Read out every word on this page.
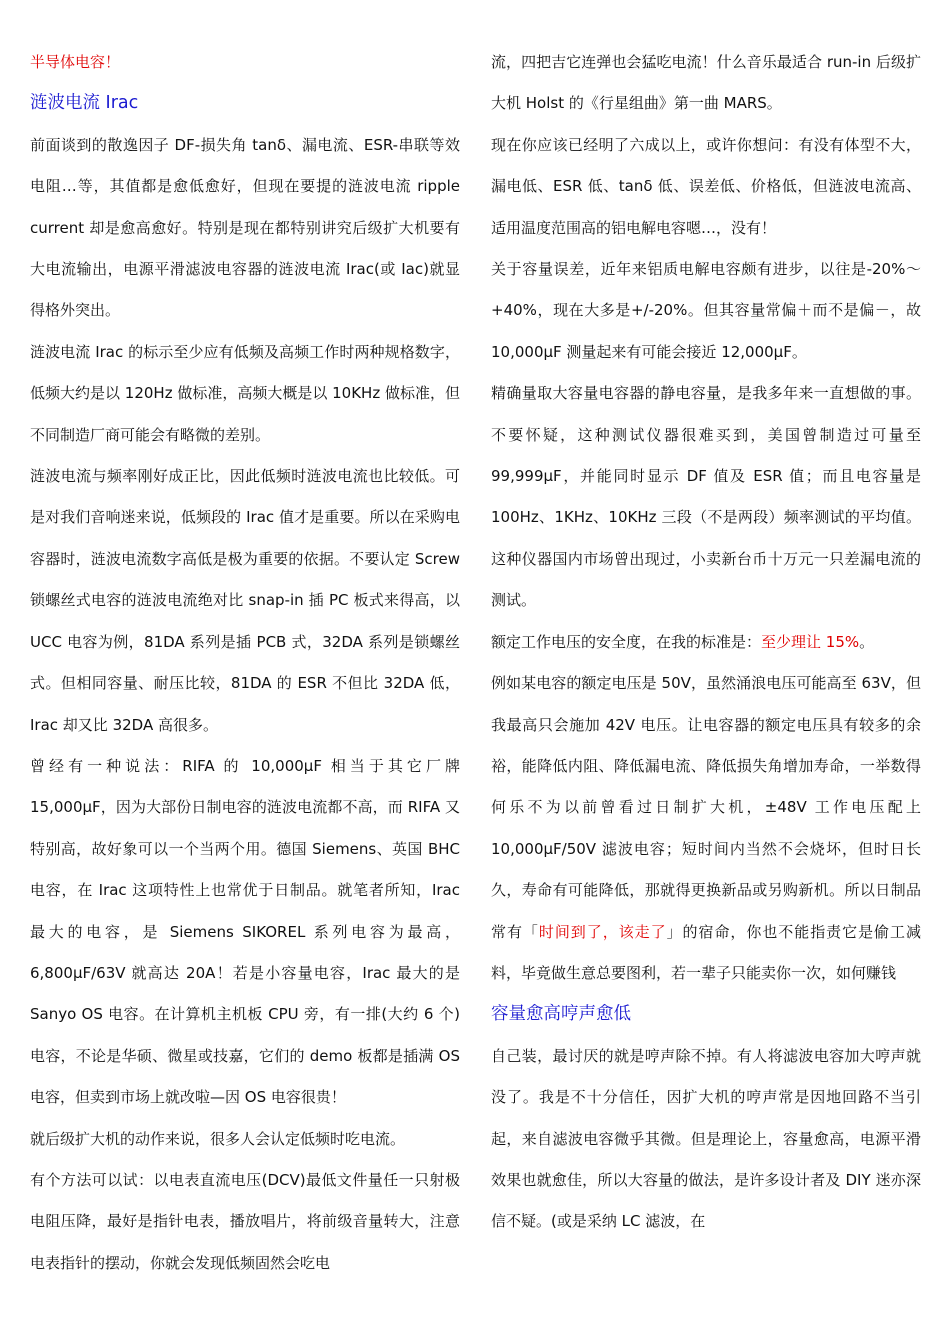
半导体电容！

涟波电流 Irac

前面谈到的散逸因子 DF-损失角 tanδ、漏电流、ESR-串联等效电阻…等，其值都是愈低愈好，但现在要提的涟波电流 ripple current 却是愈高愈好。特别是现在都特别讲究后级扩大机要有大电流输出，电源平滑滤波电容器的涟波电流 Irac(或 Iac)就显得格外突出。

涟波电流 Irac 的标示至少应有低频及高频工作时两种规格数字，低频大约是以 120Hz 做标准，高频大概是以 10KHz 做标准，但不同制造厂商可能会有略微的差别。

涟波电流与频率刚好成正比，因此低频时涟波电流也比较低。可是对我们音响迷来说，低频段的 Irac 值才是重要。所以在采购电容器时，涟波电流数字高低是极为重要的依据。不要认定 Screw 锁螺丝式电容的涟波电流绝对比 snap-in 插 PC 板式来得高，以 UCC 电容为例，81DA 系列是插 PCB 式，32DA 系列是锁螺丝式。但相同容量、耐压比较，81DA 的 ESR 不但比 32DA 低，Irac 却又比 32DA 高很多。

曾经有一种说法：RIFA 的 10,000μF 相当于其它厂牌 15,000μF，因为大部份日制电容的涟波电流都不高，而 RIFA 又特别高，故好象可以一个当两个用。德国 Siemens、英国 BHC 电容，在 Irac 这项特性上也常优于日制品。就笔者所知，Irac 最大的电容，是 Siemens SIKOREL 系列电容为最高，6,800μF/63V 就高达 20A！若是小容量电容，Irac 最大的是 Sanyo OS 电容。在计算机主机板 CPU 旁，有一排(大约 6 个)电容，不论是华硕、微星或技嘉，它们的 demo 板都是插满 OS 电容，但卖到市场上就改啦—因 OS 电容很贵！

就后级扩大机的动作来说，很多人会认定低频时吃电流。

有个方法可以试：以电表直流电压(DCV)最低文件量任一只射极电阻压降，最好是指针电表，播放唱片，将前级音量转大，注意电表指针的摆动，你就会发现低频固然会吃电

流，四把吉它连弹也会猛吃电流！什么音乐最适合 run-in 后级扩大机 Holst 的《行星组曲》第一曲 MARS。

现在你应该已经明了六成以上，或许你想问：有没有体型不大，漏电低、ESR 低、tanδ 低、误差低、价格低，但涟波电流高、适用温度范围高的铝电解电容嗯…，没有！

关于容量误差，近年来铝质电解电容颇有进步，以往是-20%～+40%，现在大多是+/-20%。但其容量常偏＋而不是偏－，故 10,000μF 测量起来有可能会接近 12,000μF。

精确量取大容量电容器的静电容量，是我多年来一直想做的事。不要怀疑，这种测试仪器很难买到，美国曾制造过可量至 99,999μF，并能同时显示 DF 值及 ESR 值；而且电容量是 100Hz、1KHz、10KHz 三段（不是两段）频率测试的平均值。这种仪器国内市场曾出现过，小卖新台币十万元一只差漏电流的测试。

额定工作电压的安全度，在我的标准是：至少理让 15%。

例如某电容的额定电压是 50V，虽然涌浪电压可能高至 63V，但我最高只会施加 42V 电压。让电容器的额定电压具有较多的余裕，能降低内阻、降低漏电流、降低损失角增加寿命，一举数得何乐不为以前曾看过日制扩大机，±48V 工作电压配上 10,000μF/50V 滤波电容；短时间内当然不会烧坏，但时日长久，寿命有可能降低，那就得更换新品或另购新机。所以日制品常有「时间到了，该走了」的宿命，你也不能指责它是偷工减料，毕竟做生意总要图利，若一辈子只能卖你一次，如何赚钱

容量愈高哼声愈低

自己装，最讨厌的就是哼声除不掉。有人将滤波电容加大哼声就没了。我是不十分信任，因扩大机的哼声常是因地回路不当引起，来自滤波电容微乎其微。但是理论上，容量愈高，电源平滑效果也就愈佳，所以大容量的做法，是许多设计者及 DIY 迷亦深信不疑。(或是采纳 LC 滤波，在
